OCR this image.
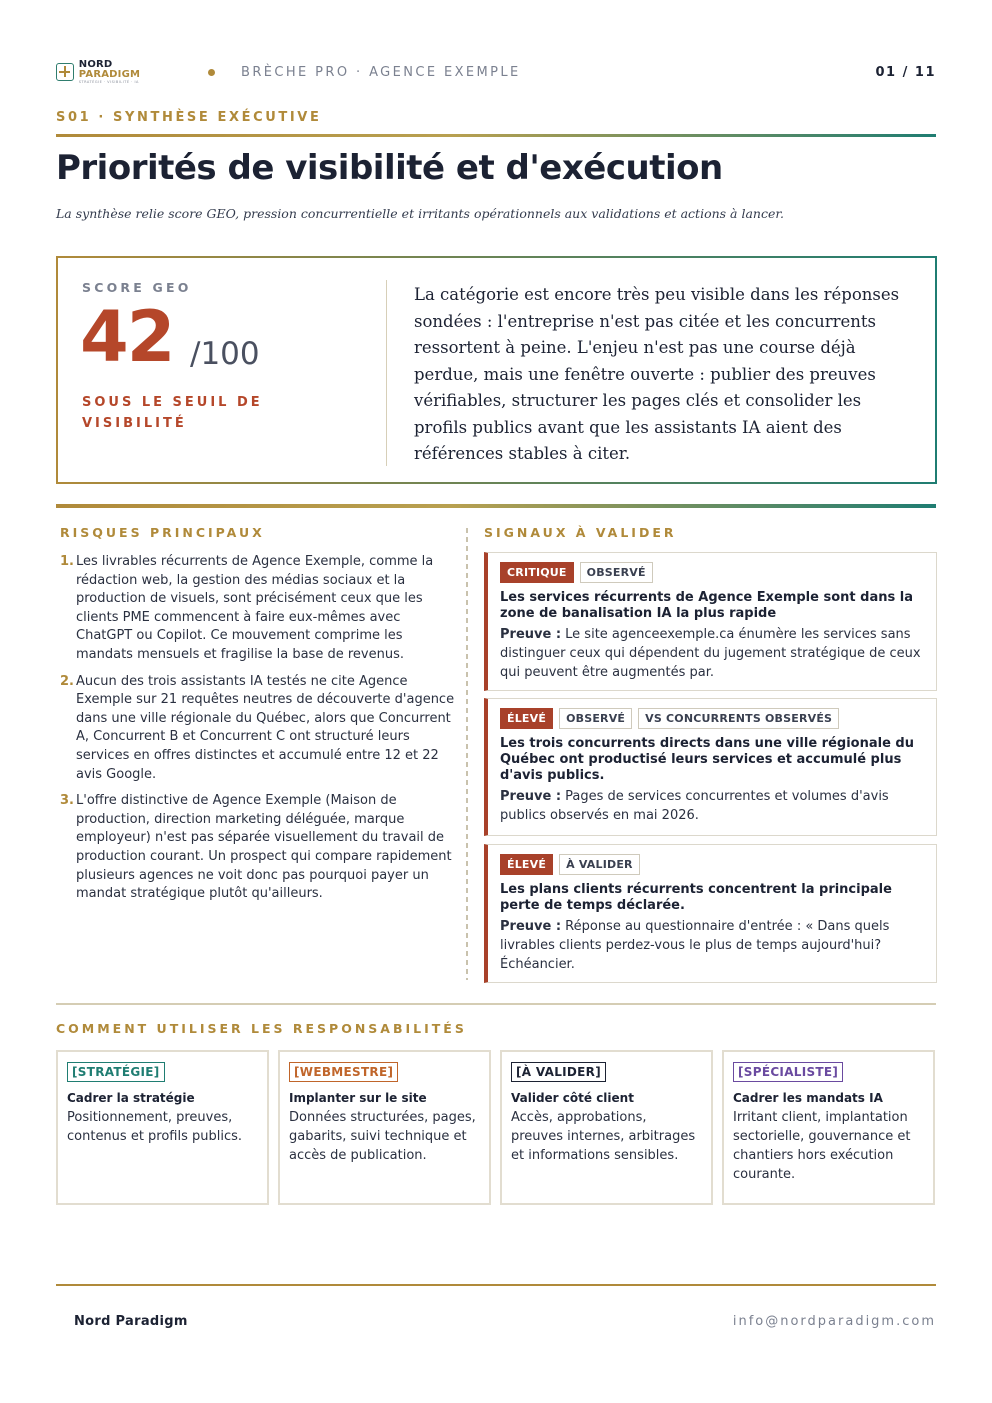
NORD PARADIGM
STRATÉGIE · VISIBILITÉ · IA
BRÈCHE PRO · AGENCE EXEMPLE	01 / 11
S01 · SYNTHÈSE EXÉCUTIVE
Priorités de visibilité et d'exécution
La synthèse relie score GEO, pression concurrentielle et irritants opérationnels aux validations et actions à lancer.
SCORE GEO
42 /100
SOUS LE SEUIL DE VISIBILITÉ
La catégorie est encore très peu visible dans les réponses sondées : l'entreprise n'est pas citée et les concurrents ressortent à peine. L'enjeu n'est pas une course déjà perdue, mais une fenêtre ouverte : publier des preuves vérifiables, structurer les pages clés et consolider les profils publics avant que les assistants IA aient des références stables à citer.
RISQUES PRINCIPAUX
1. Les livrables récurrents de Agence Exemple, comme la rédaction web, la gestion des médias sociaux et la production de visuels, sont précisément ceux que les clients PME commencent à faire eux-mêmes avec ChatGPT ou Copilot. Ce mouvement comprime les mandats mensuels et fragilise la base de revenus.
2. Aucun des trois assistants IA testés ne cite Agence Exemple sur 21 requêtes neutres de découverte d'agence dans une ville régionale du Québec, alors que Concurrent A, Concurrent B et Concurrent C ont structuré leurs services en offres distinctes et accumulé entre 12 et 22 avis Google.
3. L'offre distinctive de Agence Exemple (Maison de production, direction marketing déléguée, marque employeur) n'est pas séparée visuellement du travail de production courant. Un prospect qui compare rapidement plusieurs agences ne voit donc pas pourquoi payer un mandat stratégique plutôt qu'ailleurs.
SIGNAUX À VALIDER
CRITIQUE	OBSERVÉ
Les services récurrents de Agence Exemple sont dans la zone de banalisation IA la plus rapide
Preuve : Le site agenceexemple.ca énumère les services sans distinguer ceux qui dépendent du jugement stratégique de ceux qui peuvent être augmentés par.
ÉLEVÉ	OBSERVÉ	VS CONCURRENTS OBSERVÉS
Les trois concurrents directs dans une ville régionale du Québec ont productisé leurs services et accumulé plus d'avis publics.
Preuve : Pages de services concurrentes et volumes d'avis publics observés en mai 2026.
ÉLEVÉ	À VALIDER
Les plans clients récurrents concentrent la principale perte de temps déclarée.
Preuve : Réponse au questionnaire d'entrée : « Dans quels livrables clients perdez-vous le plus de temps aujourd'hui? Échéancier.
COMMENT UTILISER LES RESPONSABILITÉS
[STRATÉGIE]
Cadrer la stratégie
Positionnement, preuves, contenus et profils publics.
[WEBMESTRE]
Implanter sur le site
Données structurées, pages, gabarits, suivi technique et accès de publication.
[À VALIDER]
Valider côté client
Accès, approbations, preuves internes, arbitrages et informations sensibles.
[SPÉCIALISTE]
Cadrer les mandats IA
Irritant client, implantation sectorielle, gouvernance et chantiers hors exécution courante.
Nord Paradigm	info@nordparadigm.com
